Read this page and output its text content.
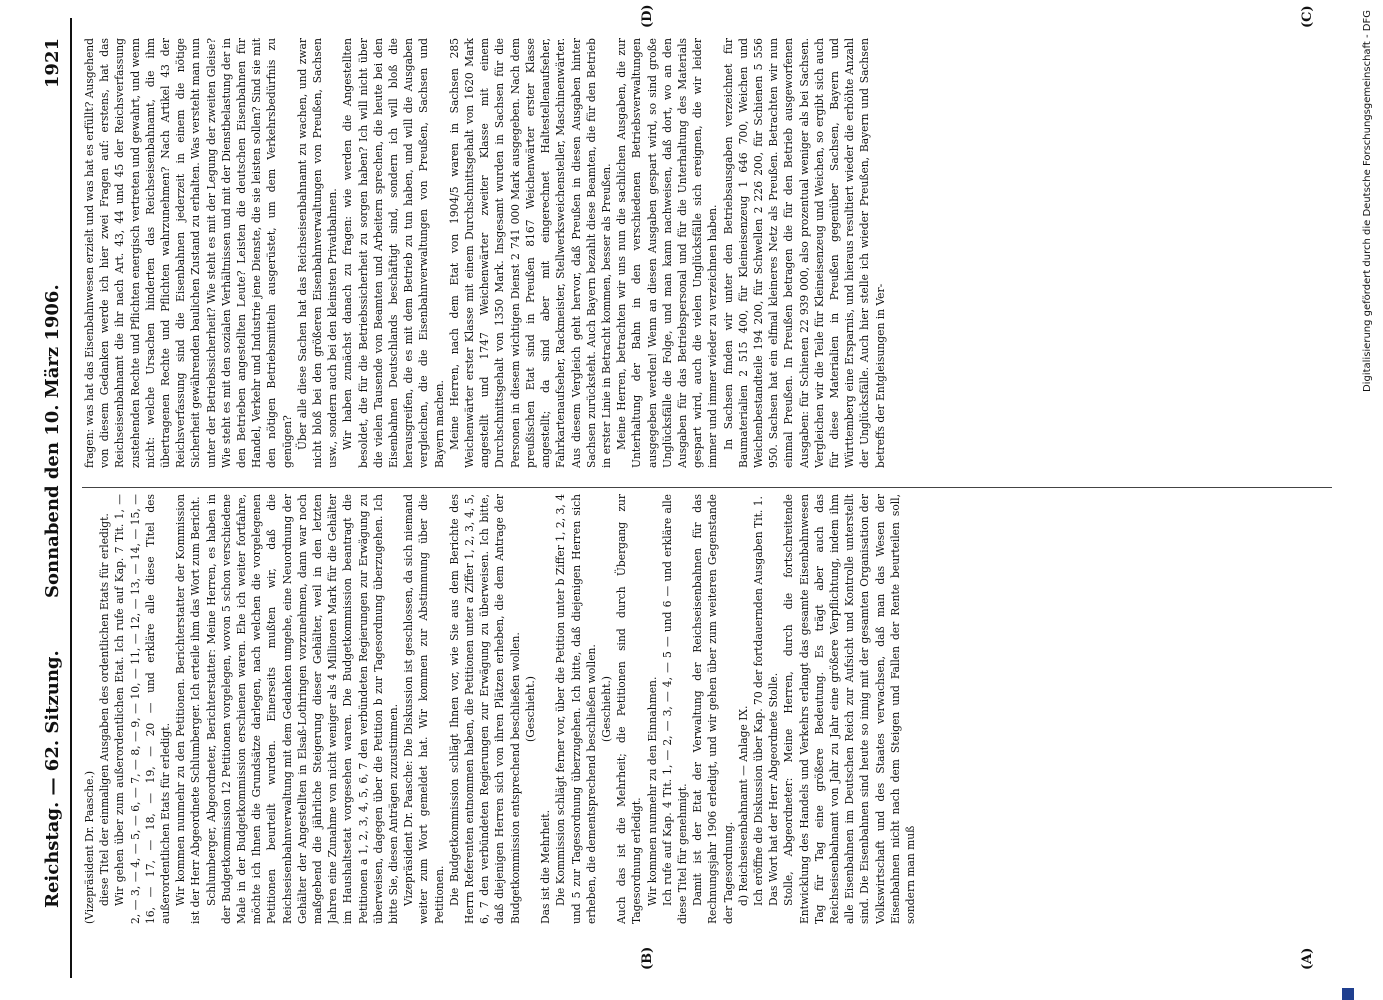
Reichstag. — 62. Sitzung.
1921
Sonnabend den 10. März 1906.
(A)
(B)
(C)
(D)

(Vizepräsident Dr. Paasche.) diese Titel der einmaligen Ausgaben des ordentlichen Etats für erledigt. Wir gehen über zum außerordentlichen Etat. Ich rufe auf Kap. 7 Tit. 1, — 2, — 3, — 4, — 5, — 6, — 7, — 8, — 9, — 10, — 11, — 12, — 13, — 14, — 15, — 16, — 17, — 18, — 19, — 20 — und erkläre alle diese Titel des außerordentlichen Etats für erledigt. Wir kommen nunmehr zu den Petitionen. Berichterstatter der Kommission ist der Herr Abgeordnete Schlumberger. Ich erteile ihm das Wort zum Bericht. Schlumberger, Abgeordneter, Berichterstatter: Meine Herren, es haben in der Budgetkommission 12 Petitionen vorgelegen, wovon 5 schon verschiedene Male in der Budgetkommission erschienen waren. Ehe ich weiter fortfahre, möchte ich Ihnen die Grundsätze darlegen, nach welchen die vorgelegenen Petitionen beurteilt wurden. Einerseits mußten wir, daß die Reichseisenbahnverwaltung mit dem Gedanken umgehe, eine Neuordnung der Gehälter der Angestellten in Elsaß-Lothringen vorzunehmen, dann war noch maßgebend die jährliche Steigerung dieser Gehälter, weil in den letzten Jahren eine Zunahme von nicht weniger als 4 Millionen Mark für die Gehälter im Haushaltsetat vorgesehen waren. Die Budgetkommission beantragt die Petitionen a 1, 2, 3, 4, 5, 6, 7 den verbündeten Regierungen zur Erwägung zu überweisen, dagegen über die Petition b zur Tagesordnung überzugehen. Ich bitte Sie, diesen Anträgen zuzustimmen. Vizepräsident Dr. Paasche: Die Diskussion ist geschlossen, da sich niemand weiter zum Wort gemeldet hat. Wir kommen zur Abstimmung über die Petitionen. Die Budgetkommission schlägt Ihnen vor, wie Sie aus dem Berichte des Herrn Referenten entnommen haben, die Petitionen unter a Ziffer 1, 2, 3, 4, 5, 6, 7 den verbündeten Regierungen zur Erwägung zu überweisen. Ich bitte, daß diejenigen Herren sich von ihren Plätzen erheben, die dem Antrage der Budgetkommission entsprechend beschließen wollen. (Geschieht.)

Das ist die Mehrheit. Die Kommission schlägt ferner vor, über die Petition unter b Ziffer 1, 2, 3, 4 und 5 zur Tagesordnung überzugehen. Ich bitte, daß diejenigen Herren sich erheben, die dementsprechend beschließen wollen. (Geschieht.) Auch das ist die Mehrheit; die Petitionen sind durch Übergang zur Tagesordnung erledigt. Wir kommen nunmehr zu den Einnahmen. Ich rufe auf Kap. 4 Tit. 1, — 2, — 3, — 4, — 5 — und 6 — und erkläre alle diese Titel für genehmigt. Damit ist der Etat der Verwaltung der Reichseisenbahnen für das Rechnungsjahr 1906 erledigt, und wir gehen über zum weiteren Gegenstande der Tagesordnung. d) Reichseisenbahnamt — Anlage IX. Ich eröffne die Diskussion über Kap. 70 der fortdauernden Ausgaben Tit. 1. Das Wort hat der Herr Abgeordnete Stolle. Stolle, Abgeordneter: Meine Herren, durch die fortschreitende Entwicklung des Handels und Verkehrs erlangt das gesamte Eisenbahnwesen Tag für Tag eine größere Bedeutung. Es trägt aber auch das Reichseisenbahnamt von Jahr zu Jahr eine größere Verpflichtung, indem ihm alle Eisenbahnen im Deutschen Reich zur Aufsicht und Kontrolle unterstellt sind. Die Eisenbahnen sind heute so innig mit der gesamten Organisation der Volkswirtschaft und des Staates verwachsen, daß man das Wesen der Eisenbahnen nicht nach dem Steigen und Fallen der Rente beurteilen soll, sondern man muß

fragen: was hat das Eisenbahnwesen erzielt und was hat es erfüllt? Ausgehend von diesem Gedanken werde ich hier zwei Fragen auf: erstens, hat das Reichseisenbahnamt die ihr nach Art. 43, 44 und 45 der Reichsverfassung zustehenden Rechte und Pflichten energisch vertreten und gewahrt, und wenn nicht: welche Ursachen hinderten das Reichseisenbahnamt, die ihm übertragenen Rechte und Pflichten wahrzunehmen? Nach Artikel 43 der Reichsverfassung sind die Eisenbahnen jederzeit in einem die nötige Sicherheit gewährenden baulichen Zustand zu erhalten. Was versteht man nun unter der Betriebssicherheit? Wie steht es mit der Legung der zweiten Gleise? Wie steht es mit den sozialen Verhältnissen und mit der Dienstbelastung der in den Betrieben angestellten Leute? Leisten die deutschen Eisenbahnen für Handel, Verkehr und Industrie jene Dienste, die sie leisten sollen? Sind sie mit den nötigen Betriebsmitteln ausgerüstet, um dem Verkehrsbedürfnis zu genügen? Über alle diese Sachen hat das Reichseisenbahnamt zu wachen, und zwar nicht bloß bei den größeren Eisenbahnverwaltungen von Preußen, Sachsen usw., sondern auch bei den kleinsten Privatbahnen. Wir haben zunächst danach zu fragen: wie werden die Angestellten besoldet, die für die Betriebssicherheit zu sorgen haben? Ich will nicht über die vielen Tausende von Beamten und Arbeitern sprechen, die heute bei den Eisenbahnen Deutschlands beschäftigt sind, sondern ich will bloß die herausgreifen, die es mit dem Betrieb zu tun haben, und will die Ausgaben vergleichen, die die Eisenbahnverwaltungen von Preußen, Sachsen und Bayern machen. Meine Herren, nach dem Etat von 1904/5 waren in Sachsen 285 Weichenwärter erster Klasse mit einem Durchschnittsgehalt von 1620 Mark angestellt und 1747 Weichenwärter zweiter Klasse mit einem Durchschnittsgehalt von 1350 Mark. Insgesamt wurden in Sachsen für die Personen in diesem wichtigen Dienst 2 741 000 Mark ausgegeben. Nach dem preußischen Etat sind in Preußen 8167 Weichenwärter erster Klasse angestellt; da sind aber mit eingerechnet Haltestellenaufseher, Fahrkartenaufseher, Rackmeister, Stellwerksweichensteller, Maschinenwärter. Aus diesem Vergleich geht hervor, daß Preußen in diesen Ausgaben hinter Sachsen zurücksteht. Auch Bayern bezahlt diese Beamten, die für den Betrieb in erster Linie in Betracht kommen, besser als Preußen. Meine Herren, betrachten wir uns nun die sachlichen Ausgaben, die zur Unterhaltung der Bahn in den verschiedenen Betriebsverwaltungen ausgegeben werden! Wenn an diesen Ausgaben gespart wird, so sind große Unglücksfälle die Folge, und man kann nachweisen, daß dort, wo an den Ausgaben für das Betriebspersonal und für die Unterhaltung des Materials gespart wird, auch die vielen Unglücksfälle sich ereignen, die wir leider immer und immer wieder zu verzeichnen haben. In Sachsen finden wir unter den Betriebsausgaben verzeichnet für Baumaterialien 2 515 400, für Kleineisenzeug 1 646 700, Weichen und Weichenbestandteile 194 200, für Schwellen 2 226 200, für Schienen 5 556 950. Sachsen hat ein elfmal kleineres Netz als Preußen. Betrachten wir nun einmal Preußen. In Preußen betragen die für den Betrieb ausgeworfenen Ausgaben: für Schienen 22 939 000, also prozentual weniger als bei Sachsen. Vergleichen wir die Teile für Kleineisenzeug und Weichen, so ergibt sich auch für diese Materialien in Preußen gegenüber Sachsen, Bayern und Württemberg eine Ersparnis, und hieraus resultiert wieder die erhöhte Anzahl der Unglücksfälle. Auch hier stelle ich wieder Preußen, Bayern und Sachsen betreffs der Entgleisungen in Ver-	Digitalisierung gefördert durch die Deutsche Forschungsgemeinschaft - DFG
